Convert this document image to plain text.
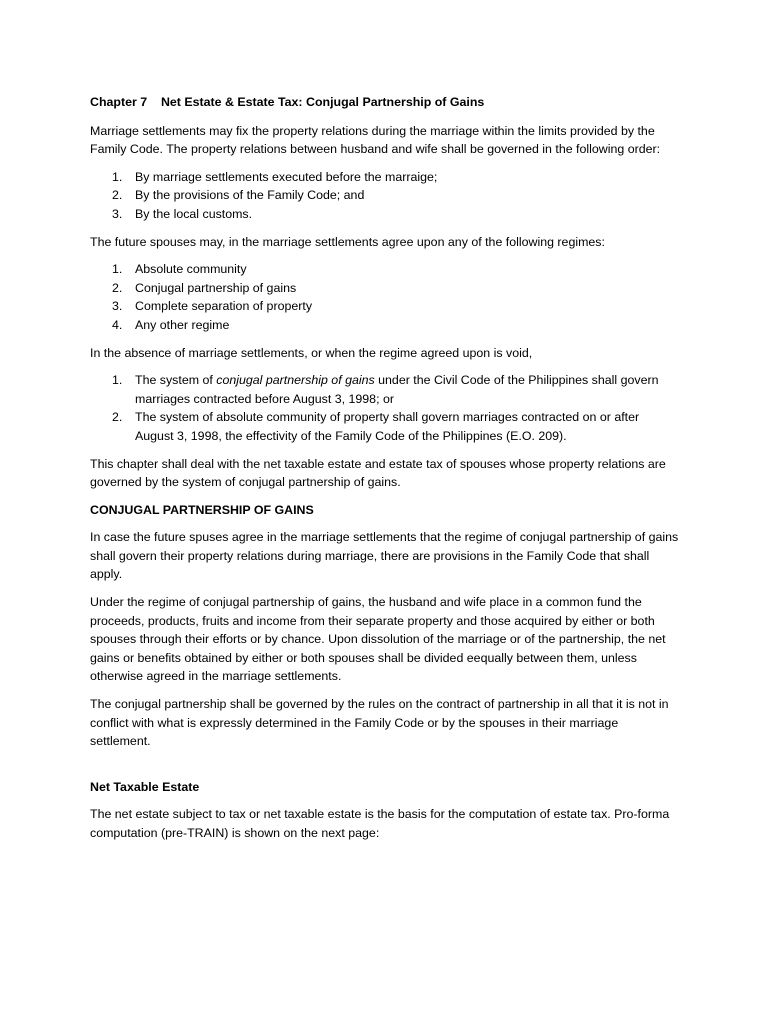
Chapter 7 Net Estate & Estate Tax: Conjugal Partnership of Gains

Marriage settlements may fix the property relations during the marriage within the limits provided by the Family Code. The property relations between husband and wife shall be governed in the following order:

1. By marriage settlements executed before the marraige;
2. By the provisions of the Family Code; and
3. By the local customs.

The future spouses may, in the marriage settlements agree upon any of the following regimes:

1. Absolute community
2. Conjugal partnership of gains
3. Complete separation of property
4. Any other regime

In the absence of marriage settlements, or when the regime agreed upon is void,

1. The system of conjugal partnership of gains under the Civil Code of the Philippines shall govern marriages contracted before August 3, 1998; or
2. The system of absolute community of property shall govern marriages contracted on or after August 3, 1998, the effectivity of the Family Code of the Philippines (E.O. 209).

This chapter shall deal with the net taxable estate and estate tax of spouses whose property relations are governed by the system of conjugal partnership of gains.

CONJUGAL PARTNERSHIP OF GAINS

In case the future spuses agree in the marriage settlements that the regime of conjugal partnership of gains shall govern their property relations during marriage, there are provisions in the Family Code that shall apply.

Under the regime of conjugal partnership of gains, the husband and wife place in a common fund the proceeds, products, fruits and income from their separate property and those acquired by either or both spouses through their efforts or by chance. Upon dissolution of the marriage or of the partnership, the net gains or benefits obtained by either or both spouses shall be divided eequally between them, unless otherwise agreed in the marriage settlements.

The conjugal partnership shall be governed by the rules on the contract of partnership in all that it is not in conflict with what is expressly determined in the Family Code or by the spouses in their marriage settlement.

Net Taxable Estate

The net estate subject to tax or net taxable estate is the basis for the computation of estate tax. Pro-forma computation (pre-TRAIN) is shown on the next page:
